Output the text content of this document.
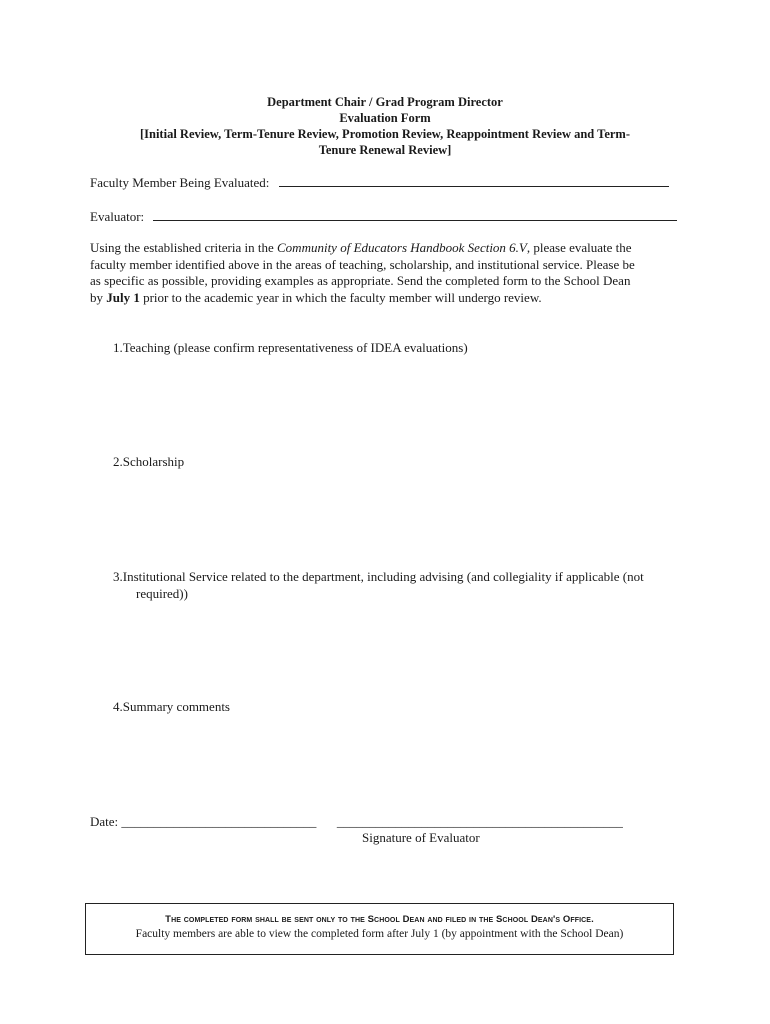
Department Chair / Grad Program Director
Evaluation Form
[Initial Review, Term-Tenure Review, Promotion Review, Reappointment Review and Term-
Tenure Renewal Review]
Faculty Member Being Evaluated:
Evaluator:
Using the established criteria in the Community of Educators Handbook Section 6.V, please evaluate the
faculty member identified above in the areas of teaching, scholarship, and institutional service. Please be
as specific as possible, providing examples as appropriate. Send the completed form to the School Dean
by July 1 prior to the academic year in which the faculty member will undergo review.
1.Teaching (please confirm representativeness of IDEA evaluations)
2.Scholarship
3.Institutional Service related to the department, including advising (and collegiality if applicable (not
required))
4.Summary comments
Date: ______________________________ ____________________________________________
Signature of Evaluator
The completed form shall be sent only to the School Dean and filed in the School Dean's Office.
Faculty members are able to view the completed form after July 1 (by appointment with the School Dean)
